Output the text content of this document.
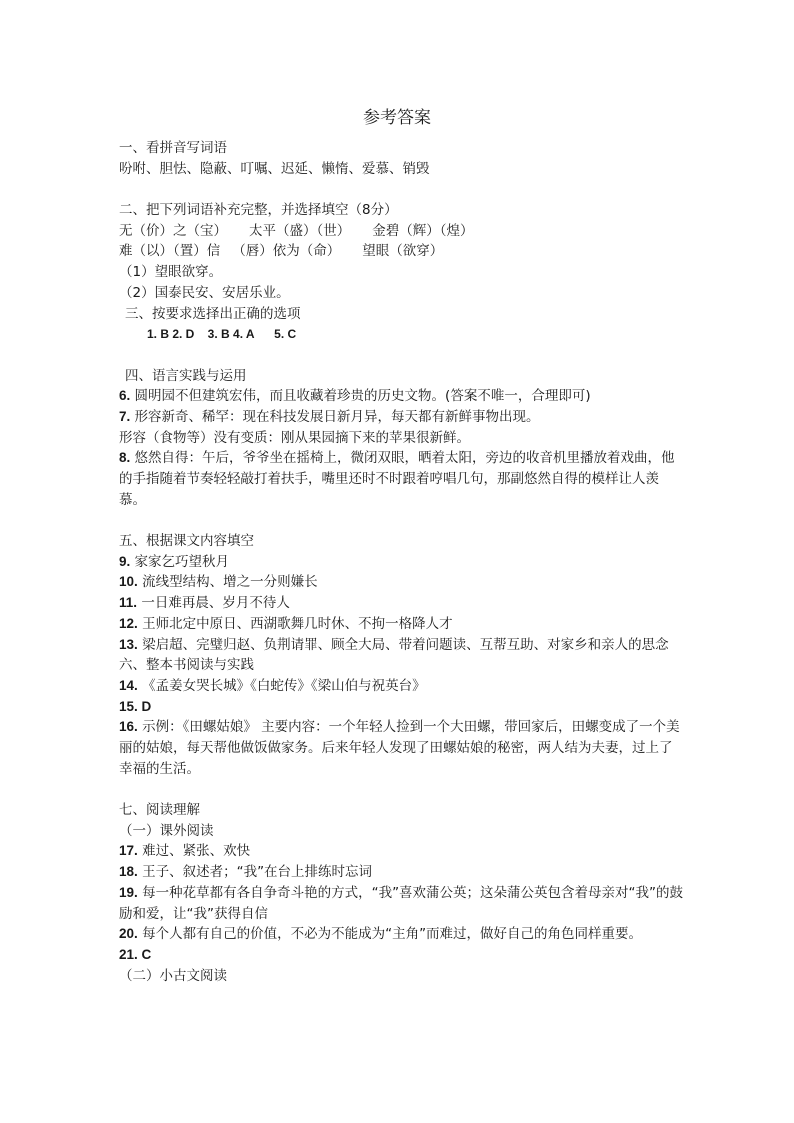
参考答案
一、看拼音写词语
吩咐、胆怯、隐蔽、叮嘱、迟延、懒惰、爱慕、销毁
二、把下列词语补充完整，并选择填空（8分）
无（价）之（宝） 太平（盛）（世） 金碧（辉）（煌）
难（以）（置）信 （唇）依为（命） 望眼（欲穿）
（1）望眼欲穿。
（2）国泰民安、安居乐业。
三、按要求选择出正确的选项
1. B 2. D    3. B 4. A      5. C
四、语言实践与运用
6. 圆明园不但建筑宏伟，而且收藏着珍贵的历史文物。(答案不唯一，合理即可)
7. 形容新奇、稀罕：现在科技发展日新月异，每天都有新鲜事物出现。
形容（食物等）没有变质：刚从果园摘下来的苹果很新鲜。
8. 悠然自得：午后，爷爷坐在摇椅上，微闭双眼，晒着太阳，旁边的收音机里播放着戏曲，他的手指随着节奏轻轻敲打着扶手，嘴里还时不时跟着哼唱几句，那副悠然自得的模样让人羡慕。
五、根据课文内容填空
9. 家家乞巧望秋月
10. 流线型结构、增之一分则嫌长
11. 一日难再晨、岁月不待人
12. 王师北定中原日、西湖歌舞几时休、不拘一格降人才
13. 梁启超、完璧归赵、负荆请罪、顾全大局、带着问题读、互帮互助、对家乡和亲人的思念
六、整本书阅读与实践
14. 《孟姜女哭长城》《白蛇传》《梁山伯与祝英台》
15. D
16. 示例：《田螺姑娘》 主要内容：一个年轻人捡到一个大田螺，带回家后，田螺变成了一个美丽的姑娘，每天帮他做饭做家务。后来年轻人发现了田螺姑娘的秘密，两人结为夫妻，过上了幸福的生活。
七、阅读理解
（一）课外阅读
17. 难过、紧张、欢快
18. 王子、叙述者；“我”在台上排练时忘词
19. 每一种花草都有各自争奇斗艳的方式，“我”喜欢蒲公英；这朵蒲公英包含着母亲对“我”的鼓励和爱，让“我”获得自信
20. 每个人都有自己的价值，不必为不能成为“主角”而难过，做好自己的角色同样重要。
21. C
（二）小古文阅读
